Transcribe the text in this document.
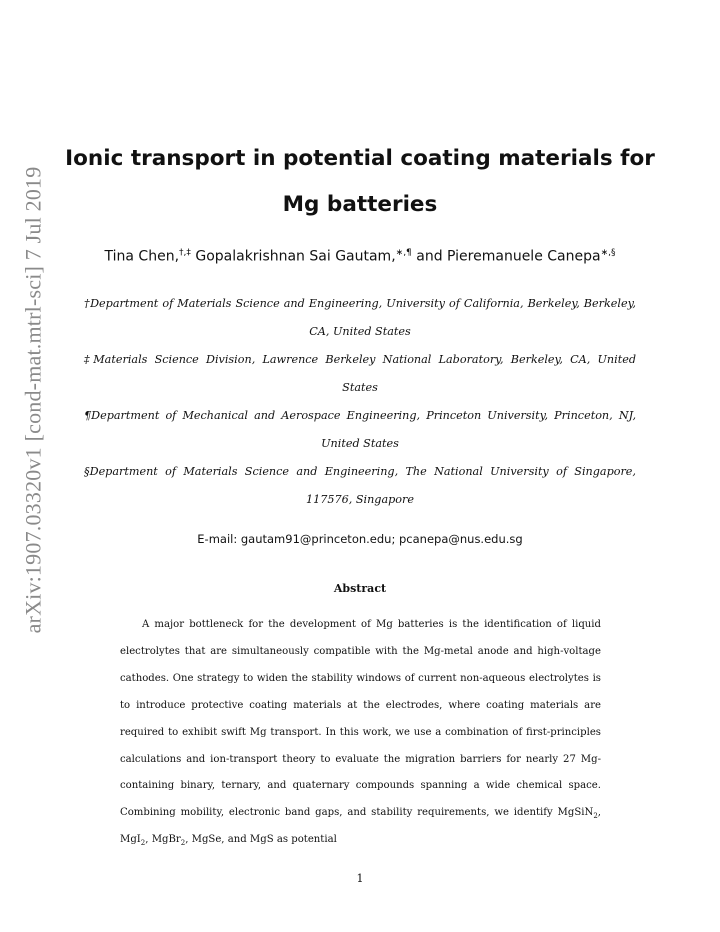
arXiv:1907.03320v1 [cond-mat.mtrl-sci] 7 Jul 2019
Ionic transport in potential coating materials for
Mg batteries
Tina Chen,†,‡ Gopalakrishnan Sai Gautam,∗,¶ and Pieremanuele Canepa∗,§
†Department of Materials Science and Engineering, University of California, Berkeley, Berkeley, CA, United States
‡Materials Science Division, Lawrence Berkeley National Laboratory, Berkeley, CA, United States
¶Department of Mechanical and Aerospace Engineering, Princeton University, Princeton, NJ, United States
§Department of Materials Science and Engineering, The National University of Singapore, 117576, Singapore
E-mail: gautam91@princeton.edu; pcanepa@nus.edu.sg
Abstract

A major bottleneck for the development of Mg batteries is the identification of liquid electrolytes that are simultaneously compatible with the Mg-metal anode and high-voltage cathodes. One strategy to widen the stability windows of current non-aqueous electrolytes is to introduce protective coating materials at the electrodes, where coating materials are required to exhibit swift Mg transport. In this work, we use a combination of first-principles calculations and ion-transport theory to evaluate the migration barriers for nearly 27 Mg-containing binary, ternary, and quaternary compounds spanning a wide chemical space. Combining mobility, electronic band gaps, and stability requirements, we identify MgSiN$_2$, MgI$_2$, MgBr$_2$, MgSe, and MgS as potential

1
